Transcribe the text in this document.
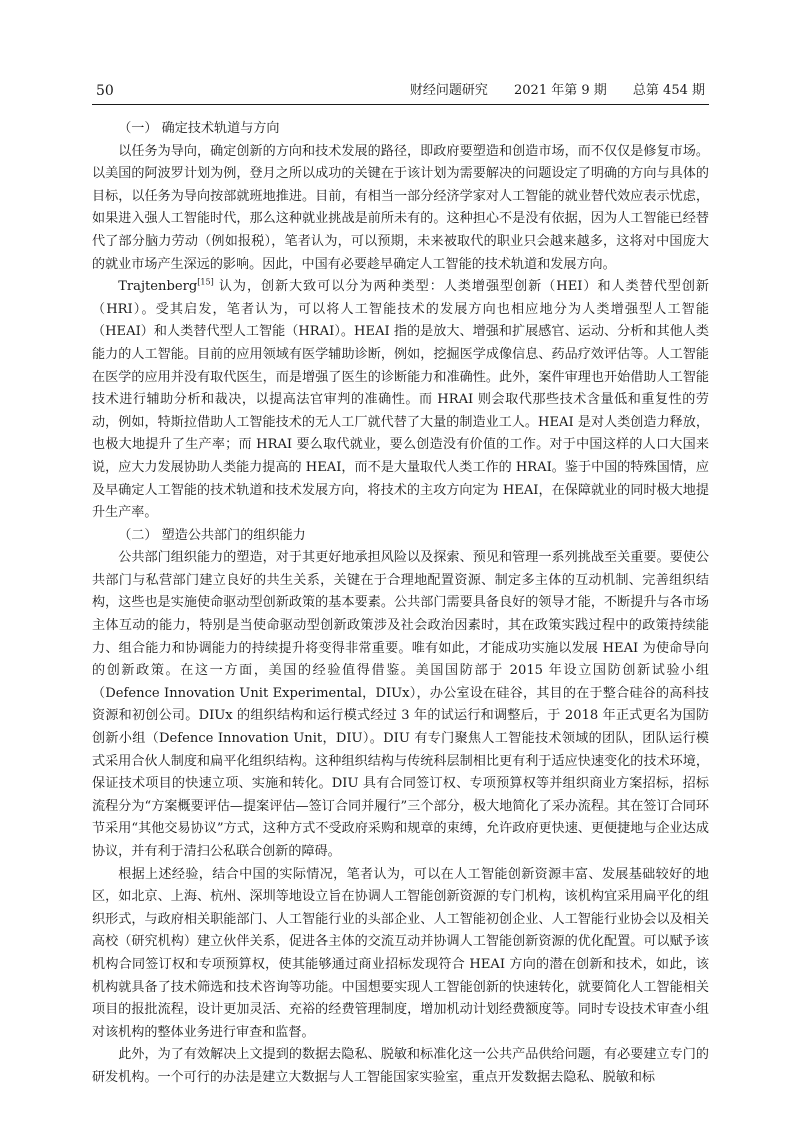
50	财经问题研究 2021 年第 9 期 总第 454 期

（一） 确定技术轨道与方向

以任务为导向，确定创新的方向和技术发展的路径，即政府要塑造和创造市场，而不仅仅是修复市场。以美国的阿波罗计划为例，登月之所以成功的关键在于该计划为需要解决的问题设定了明确的方向与具体的目标，以任务为导向按部就班地推进。目前，有相当一部分经济学家对人工智能的就业替代效应表示忧虑，如果进入强人工智能时代，那么这种就业挑战是前所未有的。这种担心不是没有依据，因为人工智能已经替代了部分脑力劳动（例如报税），笔者认为，可以预期，未来被取代的职业只会越来越多，这将对中国庞大的就业市场产生深远的影响。因此，中国有必要趁早确定人工智能的技术轨道和发展方向。

Trajtenberg[15] 认为，创新大致可以分为两种类型：人类增强型创新（HEI）和人类替代型创新（HRI）。受其启发，笔者认为，可以将人工智能技术的发展方向也相应地分为人类增强型人工智能（HEAI）和人类替代型人工智能（HRAI）。HEAI 指的是放大、增强和扩展感官、运动、分析和其他人类能力的人工智能。目前的应用领域有医学辅助诊断，例如，挖掘医学成像信息、药品疗效评估等。人工智能在医学的应用并没有取代医生，而是增强了医生的诊断能力和准确性。此外，案件审理也开始借助人工智能技术进行辅助分析和裁决，以提高法官审判的准确性。而 HRAI 则会取代那些技术含量低和重复性的劳动，例如，特斯拉借助人工智能技术的无人工厂就代替了大量的制造业工人。HEAI 是对人类创造力释放，也极大地提升了生产率；而 HRAI 要么取代就业，要么创造没有价值的工作。对于中国这样的人口大国来说，应大力发展协助人类能力提高的 HEAI，而不是大量取代人类工作的 HRAI。鉴于中国的特殊国情，应及早确定人工智能的技术轨道和技术发展方向，将技术的主攻方向定为 HEAI，在保障就业的同时极大地提升生产率。

（二） 塑造公共部门的组织能力

公共部门组织能力的塑造，对于其更好地承担风险以及探索、预见和管理一系列挑战至关重要。要使公共部门与私营部门建立良好的共生关系，关键在于合理地配置资源、制定多主体的互动机制、完善组织结构，这些也是实施使命驱动型创新政策的基本要素。公共部门需要具备良好的领导才能，不断提升与各市场主体互动的能力，特别是当使命驱动型创新政策涉及社会政治因素时，其在政策实践过程中的政策持续能力、组合能力和协调能力的持续提升将变得非常重要。唯有如此，才能成功实施以发展 HEAI 为使命导向的创新政策。在这一方面，美国的经验值得借鉴。美国国防部于 2015 年设立国防创新试验小组（Defence Innovation Unit Experimental，DIUx），办公室设在硅谷，其目的在于整合硅谷的高科技资源和初创公司。DIUx 的组织结构和运行模式经过 3 年的试运行和调整后，于 2018 年正式更名为国防创新小组（Defence Innovation Unit，DIU）。DIU 有专门聚焦人工智能技术领域的团队，团队运行模式采用合伙人制度和扁平化组织结构。这种组织结构与传统科层制相比更有利于适应快速变化的技术环境，保证技术项目的快速立项、实施和转化。DIU 具有合同签订权、专项预算权等并组织商业方案招标，招标流程分为“方案概要评估—提案评估—签订合同并履行”三个部分，极大地简化了采办流程。其在签订合同环节采用“其他交易协议”方式，这种方式不受政府采购和规章的束缚，允许政府更快速、更便捷地与企业达成协议，并有利于清扫公私联合创新的障碍。

根据上述经验，结合中国的实际情况，笔者认为，可以在人工智能创新资源丰富、发展基础较好的地区，如北京、上海、杭州、深圳等地设立旨在协调人工智能创新资源的专门机构，该机构宜采用扁平化的组织形式，与政府相关职能部门、人工智能行业的头部企业、人工智能初创企业、人工智能行业协会以及相关高校（研究机构）建立伙伴关系，促进各主体的交流互动并协调人工智能创新资源的优化配置。可以赋予该机构合同签订权和专项预算权，使其能够通过商业招标发现符合 HEAI 方向的潜在创新和技术，如此，该机构就具备了技术筛选和技术咨询等功能。中国想要实现人工智能创新的快速转化，就要简化人工智能相关项目的报批流程，设计更加灵活、充裕的经费管理制度，增加机动计划经费额度等。同时专设技术审查小组对该机构的整体业务进行审查和监督。

此外，为了有效解决上文提到的数据去隐私、脱敏和标准化这一公共产品供给问题，有必要建立专门的研发机构。一个可行的办法是建立大数据与人工智能国家实验室，重点开发数据去隐私、脱敏和标
